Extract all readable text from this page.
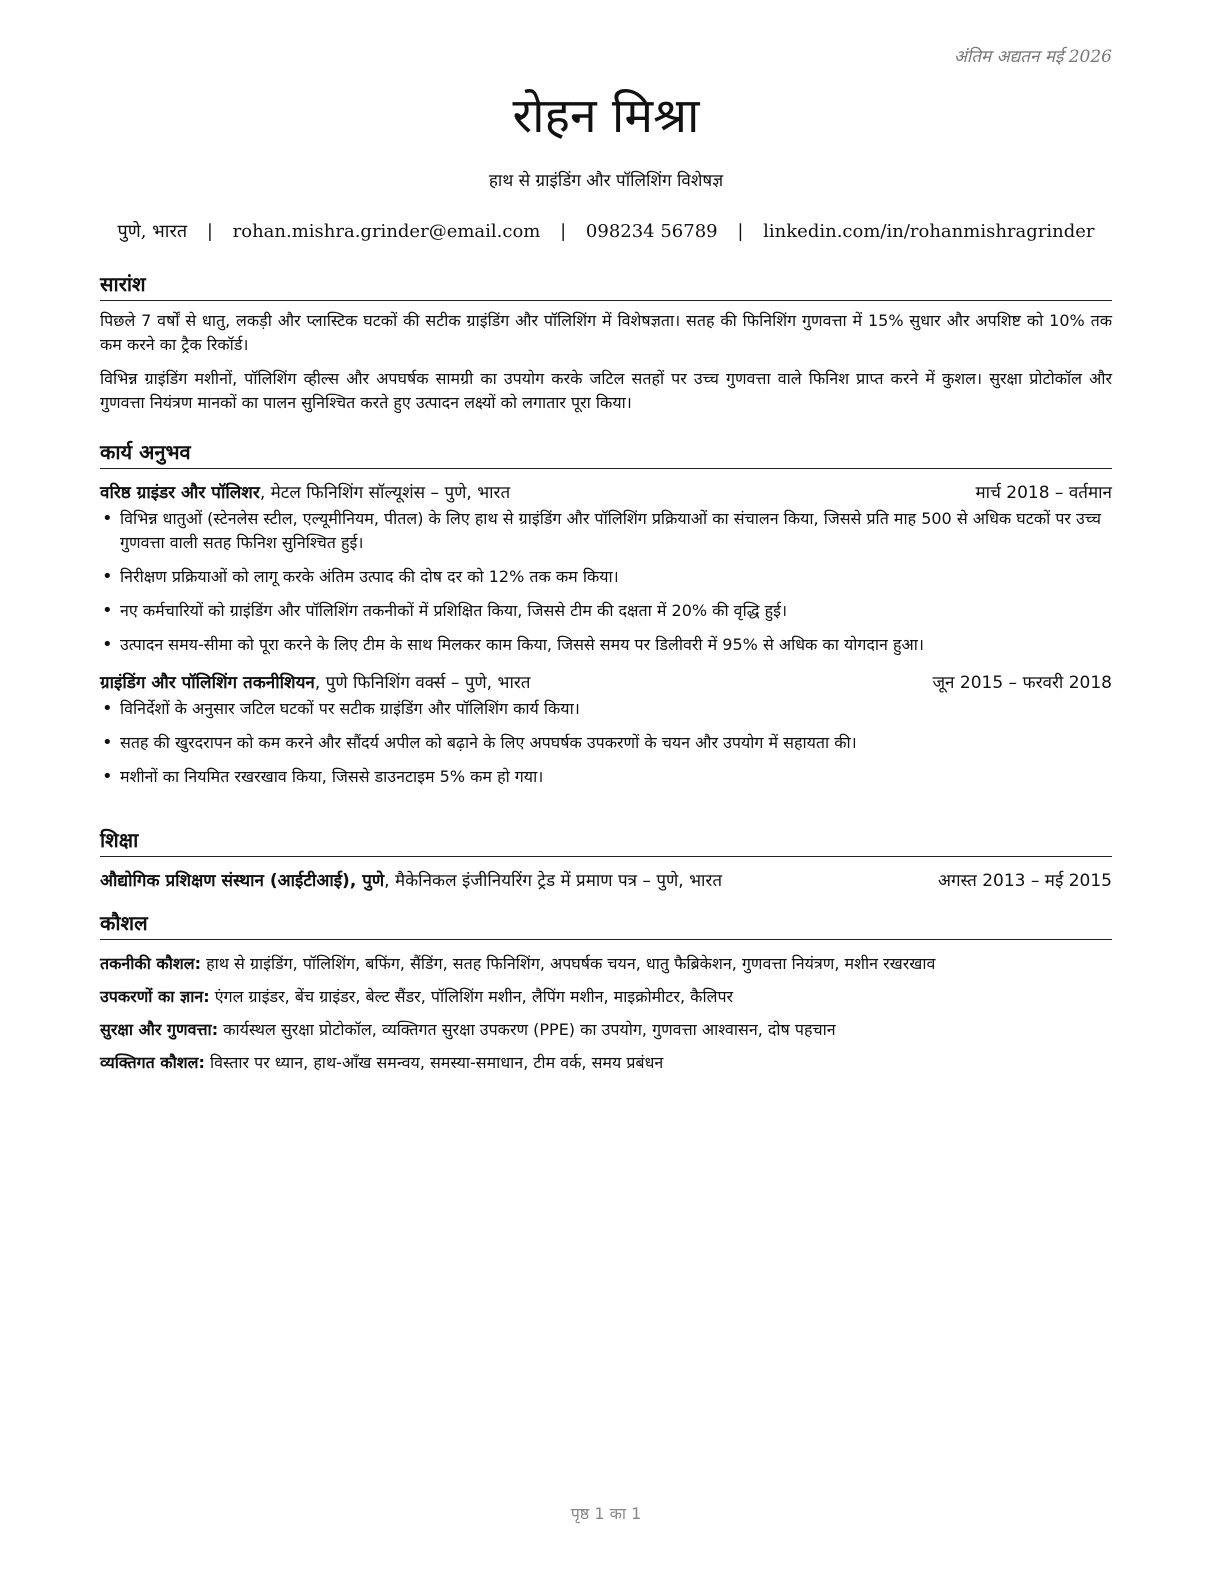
अंतिम अद्यतन मई 2026
रोहन मिश्रा
हाथ से ग्राइंडिंग और पॉलिशिंग विशेषज्ञ
पुणे, भारत | rohan.mishra.grinder@email.com | 098234 56789 | linkedin.com/in/rohanmishragrinder
सारांश

पिछले 7 वर्षों से धातु, लकड़ी और प्लास्टिक घटकों की सटीक ग्राइंडिंग और पॉलिशिंग में विशेषज्ञता। सतह की फिनिशिंग गुणवत्ता में 15% सुधार और अपशिष्ट को 10% तक कम करने का ट्रैक रिकॉर्ड।

विभिन्न ग्राइंडिंग मशीनों, पॉलिशिंग व्हील्स और अपघर्षक सामग्री का उपयोग करके जटिल सतहों पर उच्च गुणवत्ता वाले फिनिश प्राप्त करने में कुशल। सुरक्षा प्रोटोकॉल और गुणवत्ता नियंत्रण मानकों का पालन सुनिश्चित करते हुए उत्पादन लक्ष्यों को लगातार पूरा किया।

कार्य अनुभव
वरिष्ठ ग्राइंडर और पॉलिशर, मेटल फिनिशिंग सॉल्यूशंस – पुणे, भारत	मार्च 2018 – वर्तमान
• विभिन्न धातुओं (स्टेनलेस स्टील, एल्यूमीनियम, पीतल) के लिए हाथ से ग्राइंडिंग और पॉलिशिंग प्रक्रियाओं का संचालन किया, जिससे प्रति माह 500 से अधिक घटकों पर उच्च गुणवत्ता वाली सतह फिनिश सुनिश्चित हुई।
• निरीक्षण प्रक्रियाओं को लागू करके अंतिम उत्पाद की दोष दर को 12% तक कम किया।
• नए कर्मचारियों को ग्राइंडिंग और पॉलिशिंग तकनीकों में प्रशिक्षित किया, जिससे टीम की दक्षता में 20% की वृद्धि हुई।
• उत्पादन समय-सीमा को पूरा करने के लिए टीम के साथ मिलकर काम किया, जिससे समय पर डिलीवरी में 95% से अधिक का योगदान हुआ।
ग्राइंडिंग और पॉलिशिंग तकनीशियन, पुणे फिनिशिंग वर्क्स – पुणे, भारत	जून 2015 – फरवरी 2018
• विनिर्देशों के अनुसार जटिल घटकों पर सटीक ग्राइंडिंग और पॉलिशिंग कार्य किया।
• सतह की खुरदरापन को कम करने और सौंदर्य अपील को बढ़ाने के लिए अपघर्षक उपकरणों के चयन और उपयोग में सहायता की।
• मशीनों का नियमित रखरखाव किया, जिससे डाउनटाइम 5% कम हो गया।
शिक्षा
औद्योगिक प्रशिक्षण संस्थान (आईटीआई), पुणे, मैकेनिकल इंजीनियरिंग ट्रेड में प्रमाण पत्र – पुणे, भारत	अगस्त 2013 – मई 2015
कौशल

तकनीकी कौशल: हाथ से ग्राइंडिंग, पॉलिशिंग, बफिंग, सैंडिंग, सतह फिनिशिंग, अपघर्षक चयन, धातु फैब्रिकेशन, गुणवत्ता नियंत्रण, मशीन रखरखाव

उपकरणों का ज्ञान: एंगल ग्राइंडर, बेंच ग्राइंडर, बेल्ट सैंडर, पॉलिशिंग मशीन, लैपिंग मशीन, माइक्रोमीटर, कैलिपर

सुरक्षा और गुणवत्ता: कार्यस्थल सुरक्षा प्रोटोकॉल, व्यक्तिगत सुरक्षा उपकरण (PPE) का उपयोग, गुणवत्ता आश्वासन, दोष पहचान

व्यक्तिगत कौशल: विस्तार पर ध्यान, हाथ-आँख समन्वय, समस्या-समाधान, टीम वर्क, समय प्रबंधन

पृष्ठ 1 का 1
